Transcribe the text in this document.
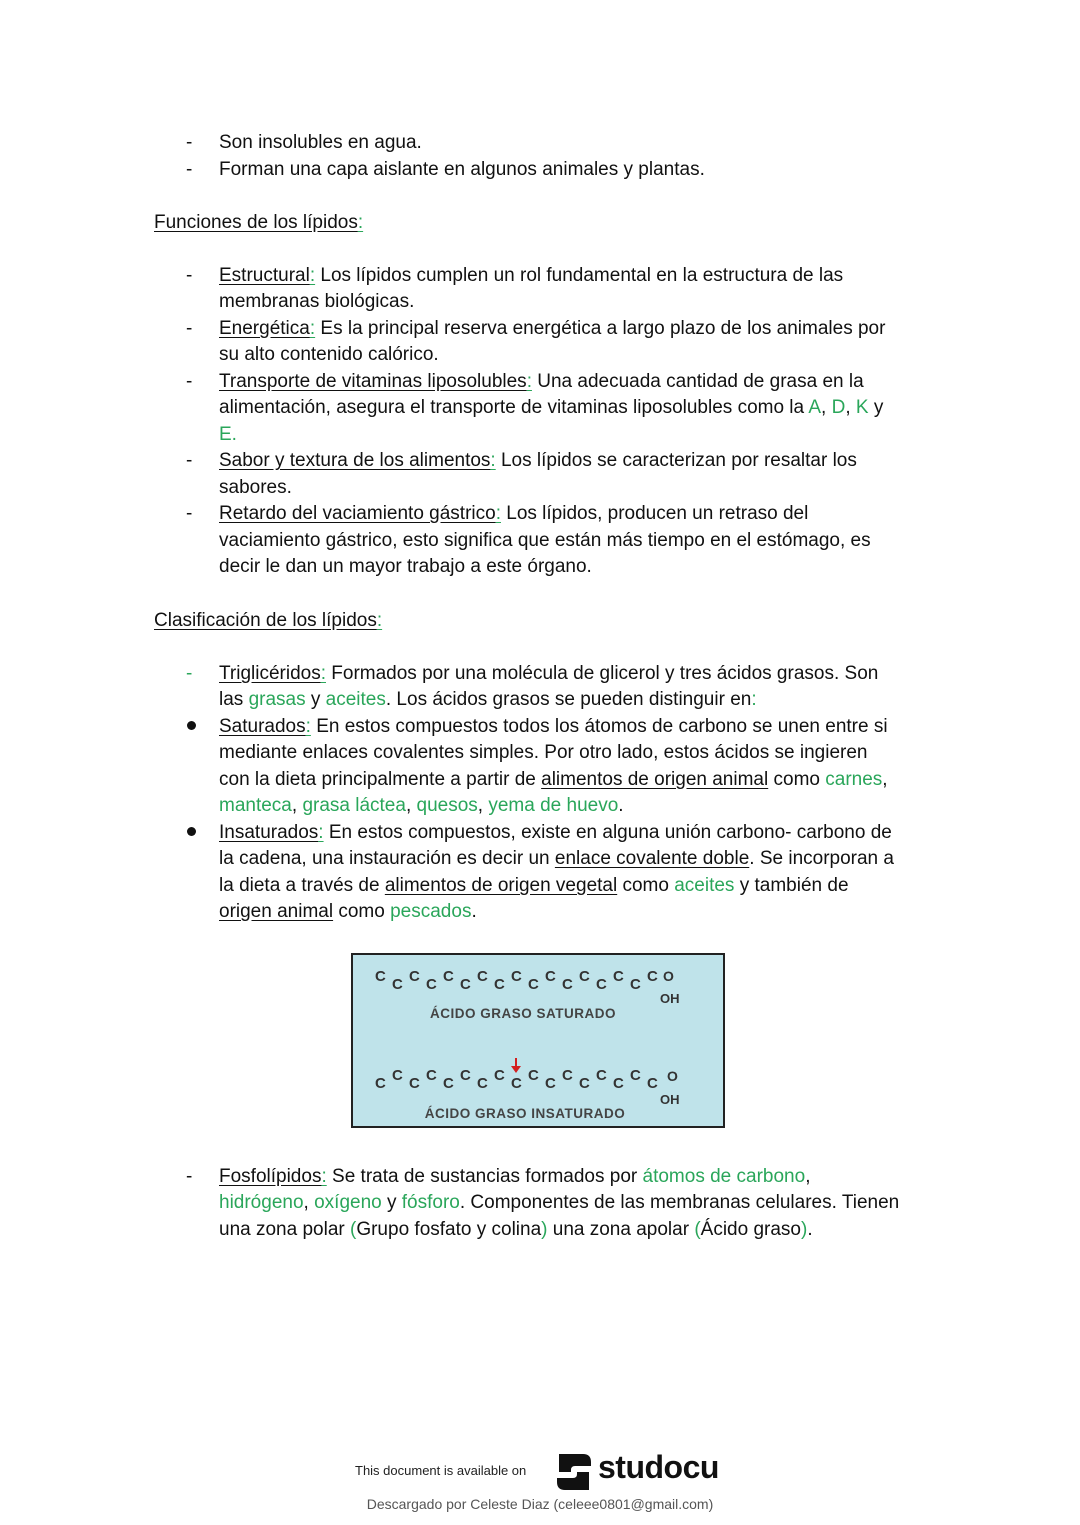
- Son insolubles en agua.
- Forman una capa aislante en algunos animales y plantas.
Funciones de los lípidos:
- Estructural: Los lípidos cumplen un rol fundamental en la estructura de las
membranas biológicas.
- Energética: Es la principal reserva energética a largo plazo de los animales por
su alto contenido calórico.
- Transporte de vitaminas liposolubles: Una adecuada cantidad de grasa en la
alimentación, asegura el transporte de vitaminas liposolubles como la A, D, K y
E.
- Sabor y textura de los alimentos: Los lípidos se caracterizan por resaltar los
sabores.
- Retardo del vaciamiento gástrico: Los lípidos, producen un retraso del
vaciamiento gástrico, esto significa que están más tiempo en el estómago, es
decir le dan un mayor trabajo a este órgano.
Clasificación de los lípidos:
- Triglicéridos: Formados por una molécula de glicerol y tres ácidos grasos. Son
las grasas y aceites. Los ácidos grasos se pueden distinguir en:
Saturados: En estos compuestos todos los átomos de carbono se unen entre si
mediante enlaces covalentes simples. Por otro lado, estos ácidos se ingieren
con la dieta principalmente a partir de alimentos de origen animal como carnes,
manteca, grasa láctea, quesos, yema de huevo.
Insaturados: En estos compuestos, existe en alguna unión carbono- carbono de
la cadena, una instauración es decir un enlace covalente doble. Se incorporan a
la dieta a través de alimentos de origen vegetal como aceites y también de
origen animal como pescados.
C C C C C C C C C C C C C C C C C
C C C C C C C C C C C C C C C C C
O
OH
ÁCIDO GRASO SATURADO
O
OH
ÁCIDO GRASO INSATURADO
- Fosfolípidos: Se trata de sustancias formados por átomos de carbono,
hidrógeno, oxígeno y fósforo. Componentes de las membranas celulares. Tienen
una zona polar (Grupo fosfato y colina) una zona apolar (Ácido graso).
This document is available on studocu
Descargado por Celeste Diaz (celeee0801@gmail.com)
